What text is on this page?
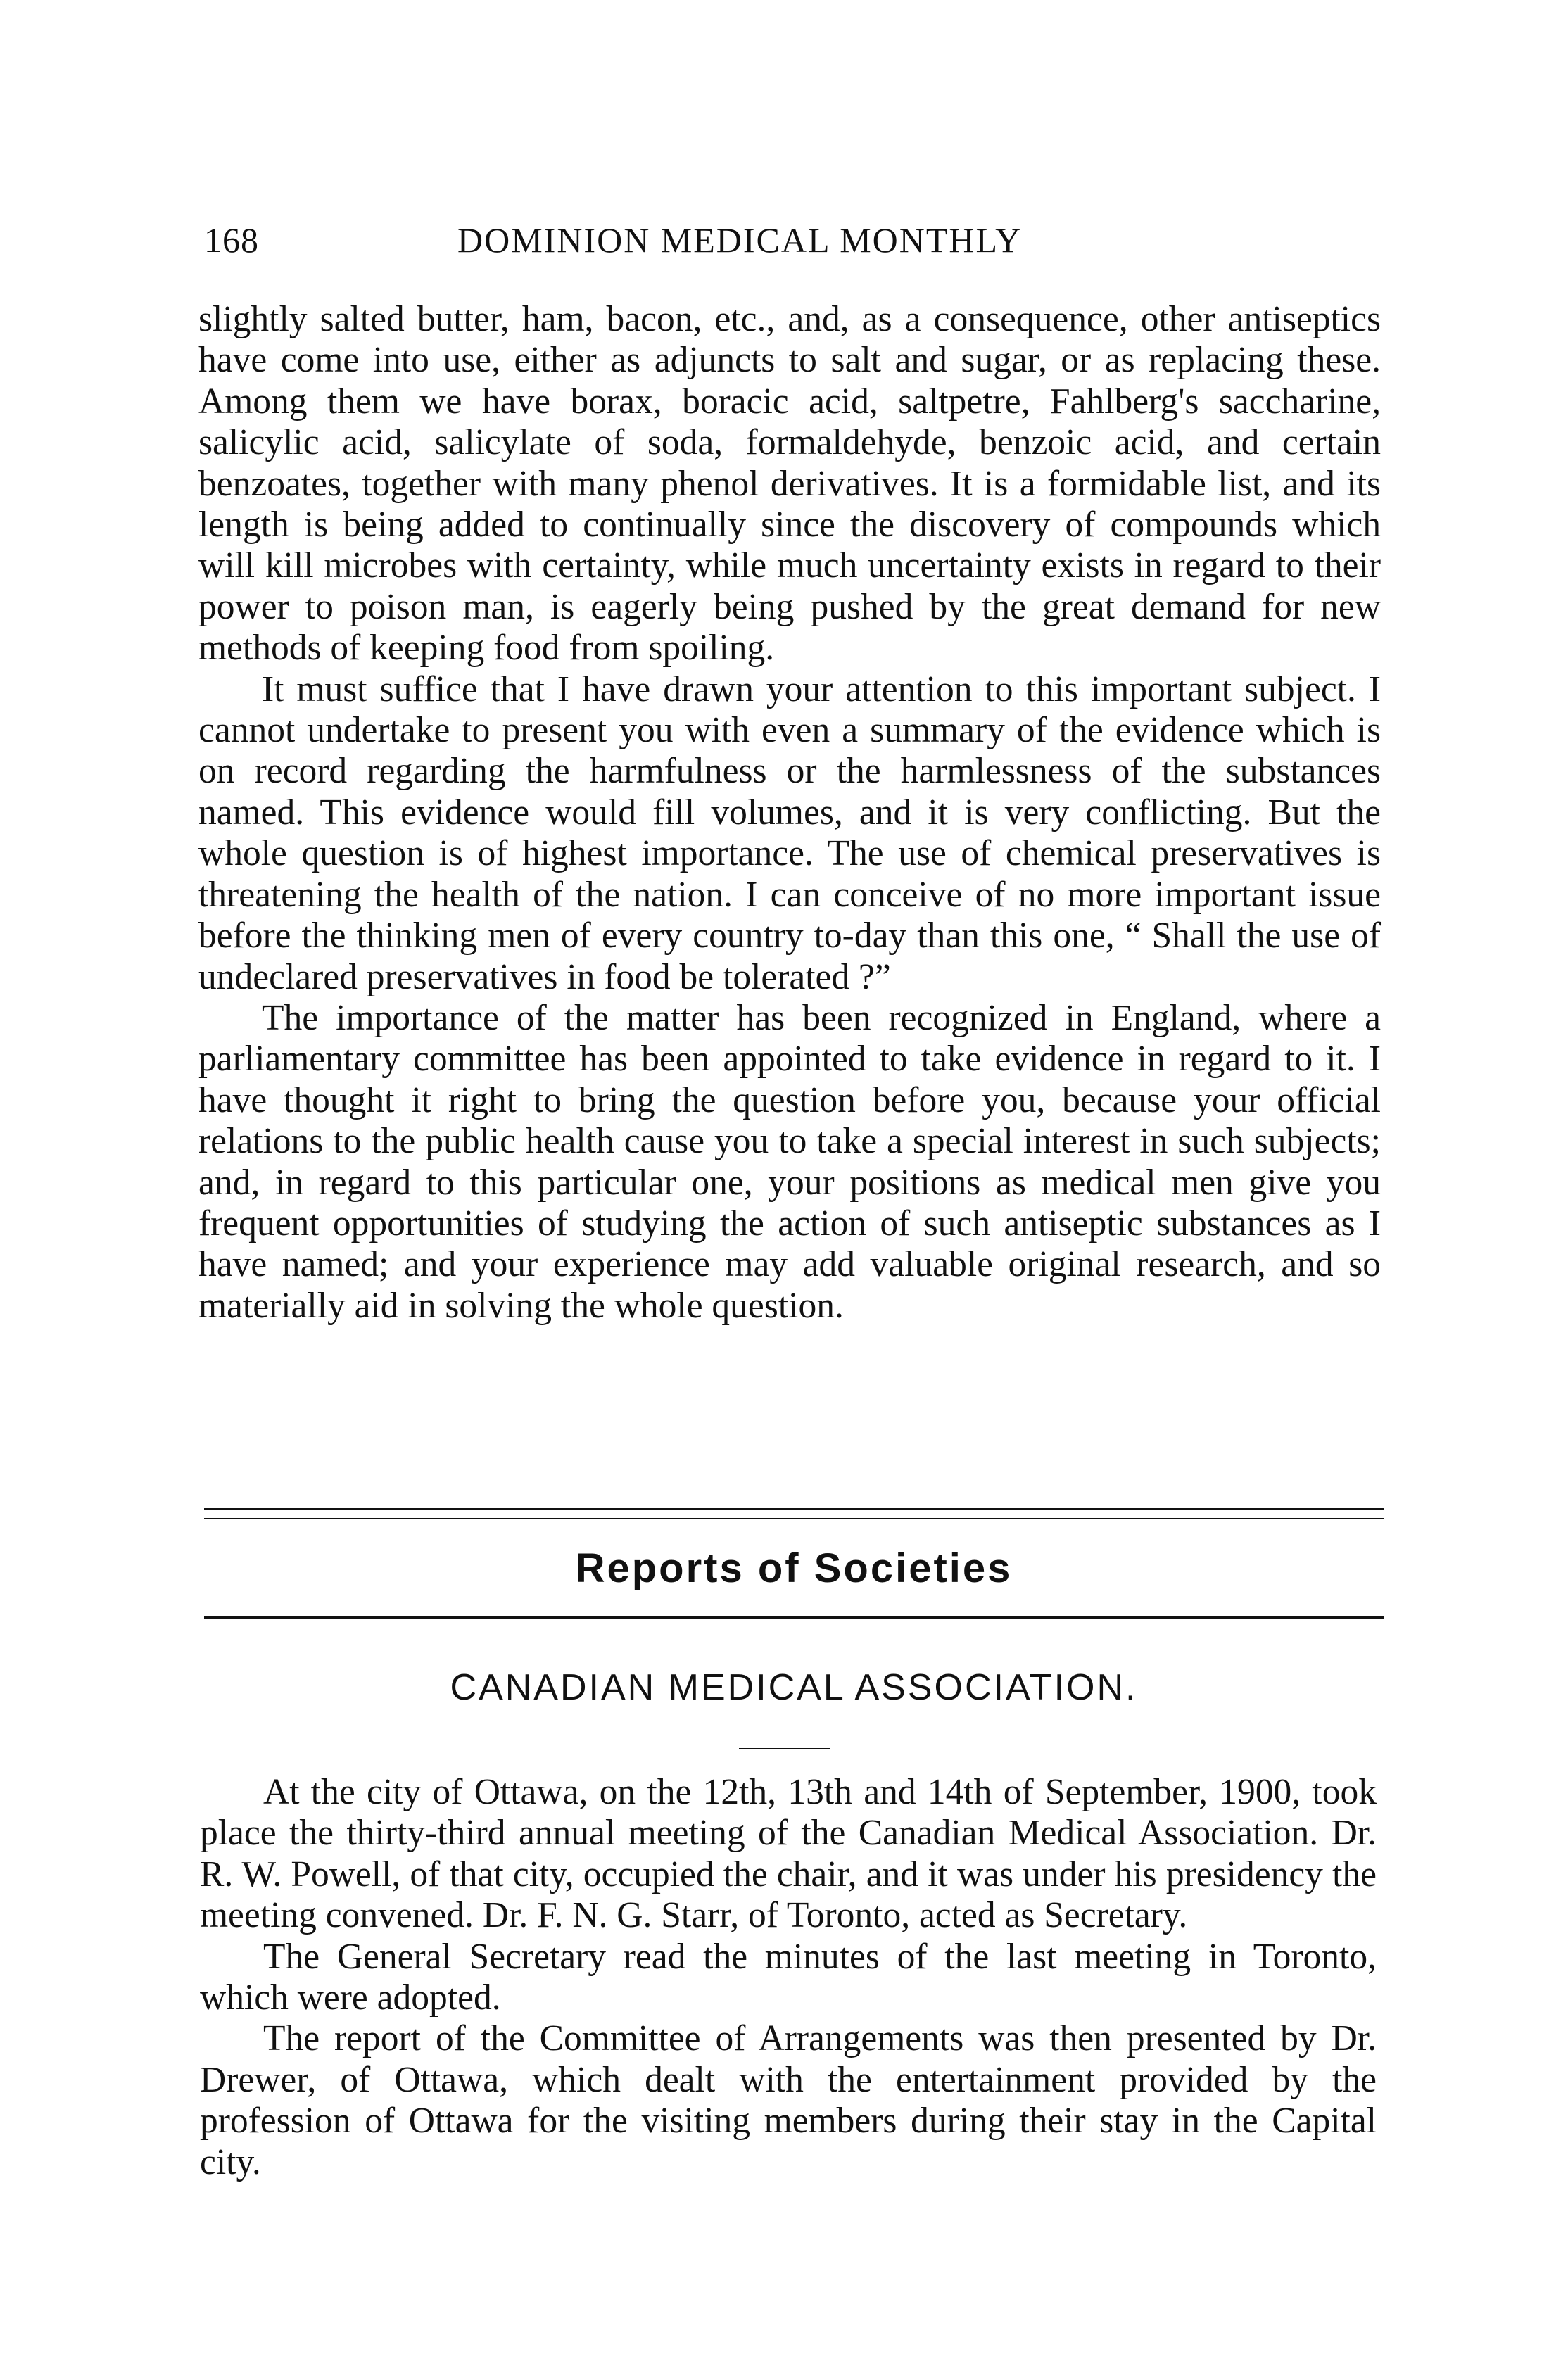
168	DOMINION MEDICAL MONTHLY

slightly salted butter, ham, bacon, etc., and, as a consequence, other antiseptics have come into use, either as adjuncts to salt and sugar, or as replacing these. Among them we have borax, boracic acid, saltpetre, Fahlberg's saccharine, salicylic acid, salicylate of soda, formaldehyde, benzoic acid, and certain benzoates, together with many phenol derivatives. It is a formidable list, and its length is being added to continually since the discovery of compounds which will kill microbes with certainty, while much uncertainty exists in regard to their power to poison man, is eagerly being pushed by the great demand for new methods of keeping food from spoiling.

It must suffice that I have drawn your attention to this important subject. I cannot undertake to present you with even a summary of the evidence which is on record regarding the harmfulness or the harmlessness of the substances named. This evidence would fill volumes, and it is very conflicting. But the whole question is of highest importance. The use of chemical preservatives is threatening the health of the nation. I can conceive of no more important issue before the thinking men of every country to-day than this one, “ Shall the use of undeclared preservatives in food be tolerated ?”

The importance of the matter has been recognized in England, where a parliamentary committee has been appointed to take evidence in regard to it. I have thought it right to bring the question before you, because your official relations to the public health cause you to take a special interest in such subjects; and, in regard to this particular one, your positions as medical men give you frequent opportunities of studying the action of such antiseptic substances as I have named; and your experience may add valuable original research, and so materially aid in solving the whole question.

Reports of Societies
CANADIAN MEDICAL ASSOCIATION.

At the city of Ottawa, on the 12th, 13th and 14th of September, 1900, took place the thirty-third annual meeting of the Canadian Medical Association. Dr. R. W. Powell, of that city, occupied the chair, and it was under his presidency the meeting convened. Dr. F. N. G. Starr, of Toronto, acted as Secretary.

The General Secretary read the minutes of the last meeting in Toronto, which were adopted.

The report of the Committee of Arrangements was then presented by Dr. Drewer, of Ottawa, which dealt with the entertainment provided by the profession of Ottawa for the visiting members during their stay in the Capital city.
